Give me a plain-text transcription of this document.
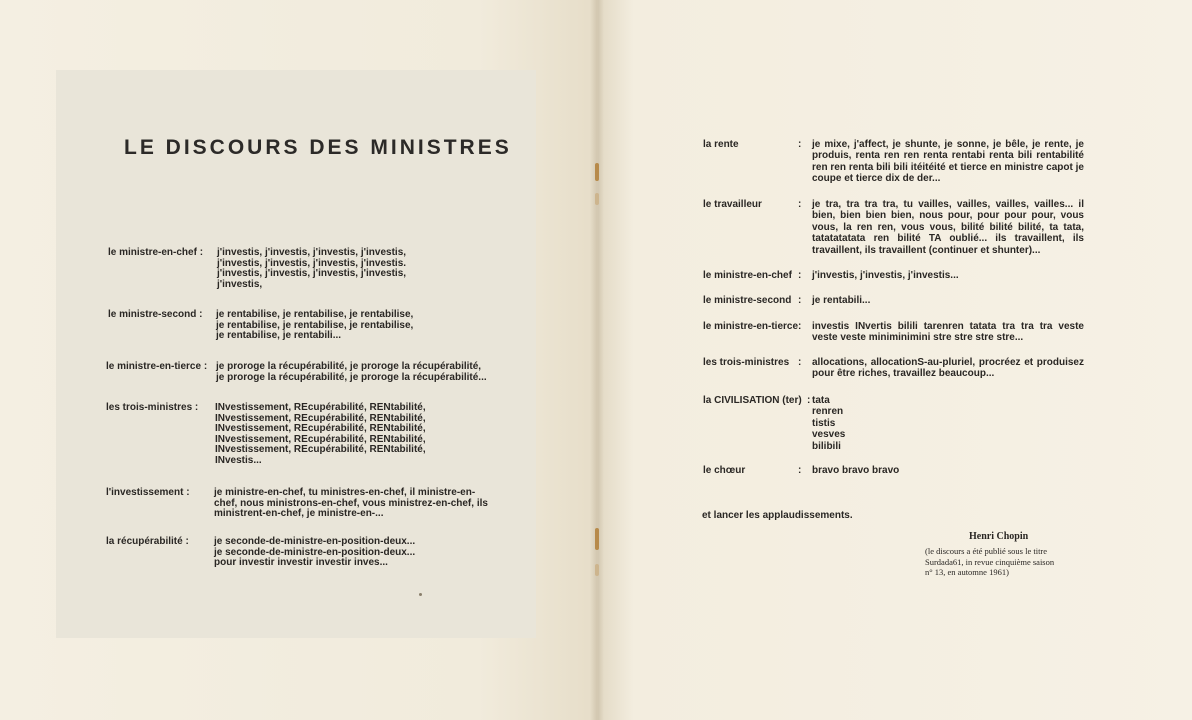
LE DISCOURS DES MINISTRES
le ministre-en-chef : j'investis, j'investis, j'investis, j'investis,
j'investis, j'investis, j'investis, j'investis.
j'investis, j'investis, j'investis, j'investis,
j'investis,
le ministre-second : je rentabilise, je rentabilise, je rentabilise,
je rentabilise, je rentabilise, je rentabilise,
je rentabilise, je rentabili...
le ministre-en-tierce : je proroge la récupérabilité, je proroge la récupérabilité,
je proroge la récupérabilité, je proroge la récupérabilité...
les trois-ministres : INvestissement, REcupérabilité, RENtabilité,
INvestissement, REcupérabilité, RENtabilité,
INvestissement, REcupérabilité, RENtabilité,
INvestissement, REcupérabilité, RENtabilité,
INvestissement, REcupérabilité, RENtabilité,
INvestis...
l'investissement : je ministre-en-chef, tu ministres-en-chef, il ministre-en-
chef, nous ministrons-en-chef, vous ministrez-en-chef, ils
ministrent-en-chef, je ministre-en-...
la récupérabilité :	je seconde-de-ministre-en-position-deux...
je seconde-de-ministre-en-position-deux...
pour investir investir investir inves...
la rente	: je mixe, j'affect, je shunte, je sonne, je bêle, je rente, je produis, renta ren ren renta rentabi renta bili rentabilité ren ren renta bili bili itéitéité et tierce en ministre capot je coupe et tierce dix de der...
le travailleur	: je tra, tra tra tra, tu vailles, vailles, vailles, vailles... il bien, bien bien bien, nous pour, pour pour pour, vous vous, la ren ren, vous vous, bilité bilité bilité, ta tata, tatatatatata ren bilité TA oublié... ils travaillent, ils travaillent, ils travaillent (continuer et shunter)...
le ministre-en-chef : j'investis, j'investis, j'investis...
le ministre-second : je rentabili...
le ministre-en-tierce : investis INvertis bilili tarenren tatata tra tra tra veste veste veste miniminimini stre stre stre stre...
les trois-ministres : allocations, allocationS-au-pluriel, procréez et produisez pour être riches, travaillez beaucoup...
la CIVILISATION (ter) : tata
renren
tistis
vesves
bilibili
le chœur	: bravo bravo bravo
et lancer les applaudissements.
Henri Chopin
(le discours a été publié sous le titre
Surdada61, in revue cinquième saison
n° 13, en automne 1961)
